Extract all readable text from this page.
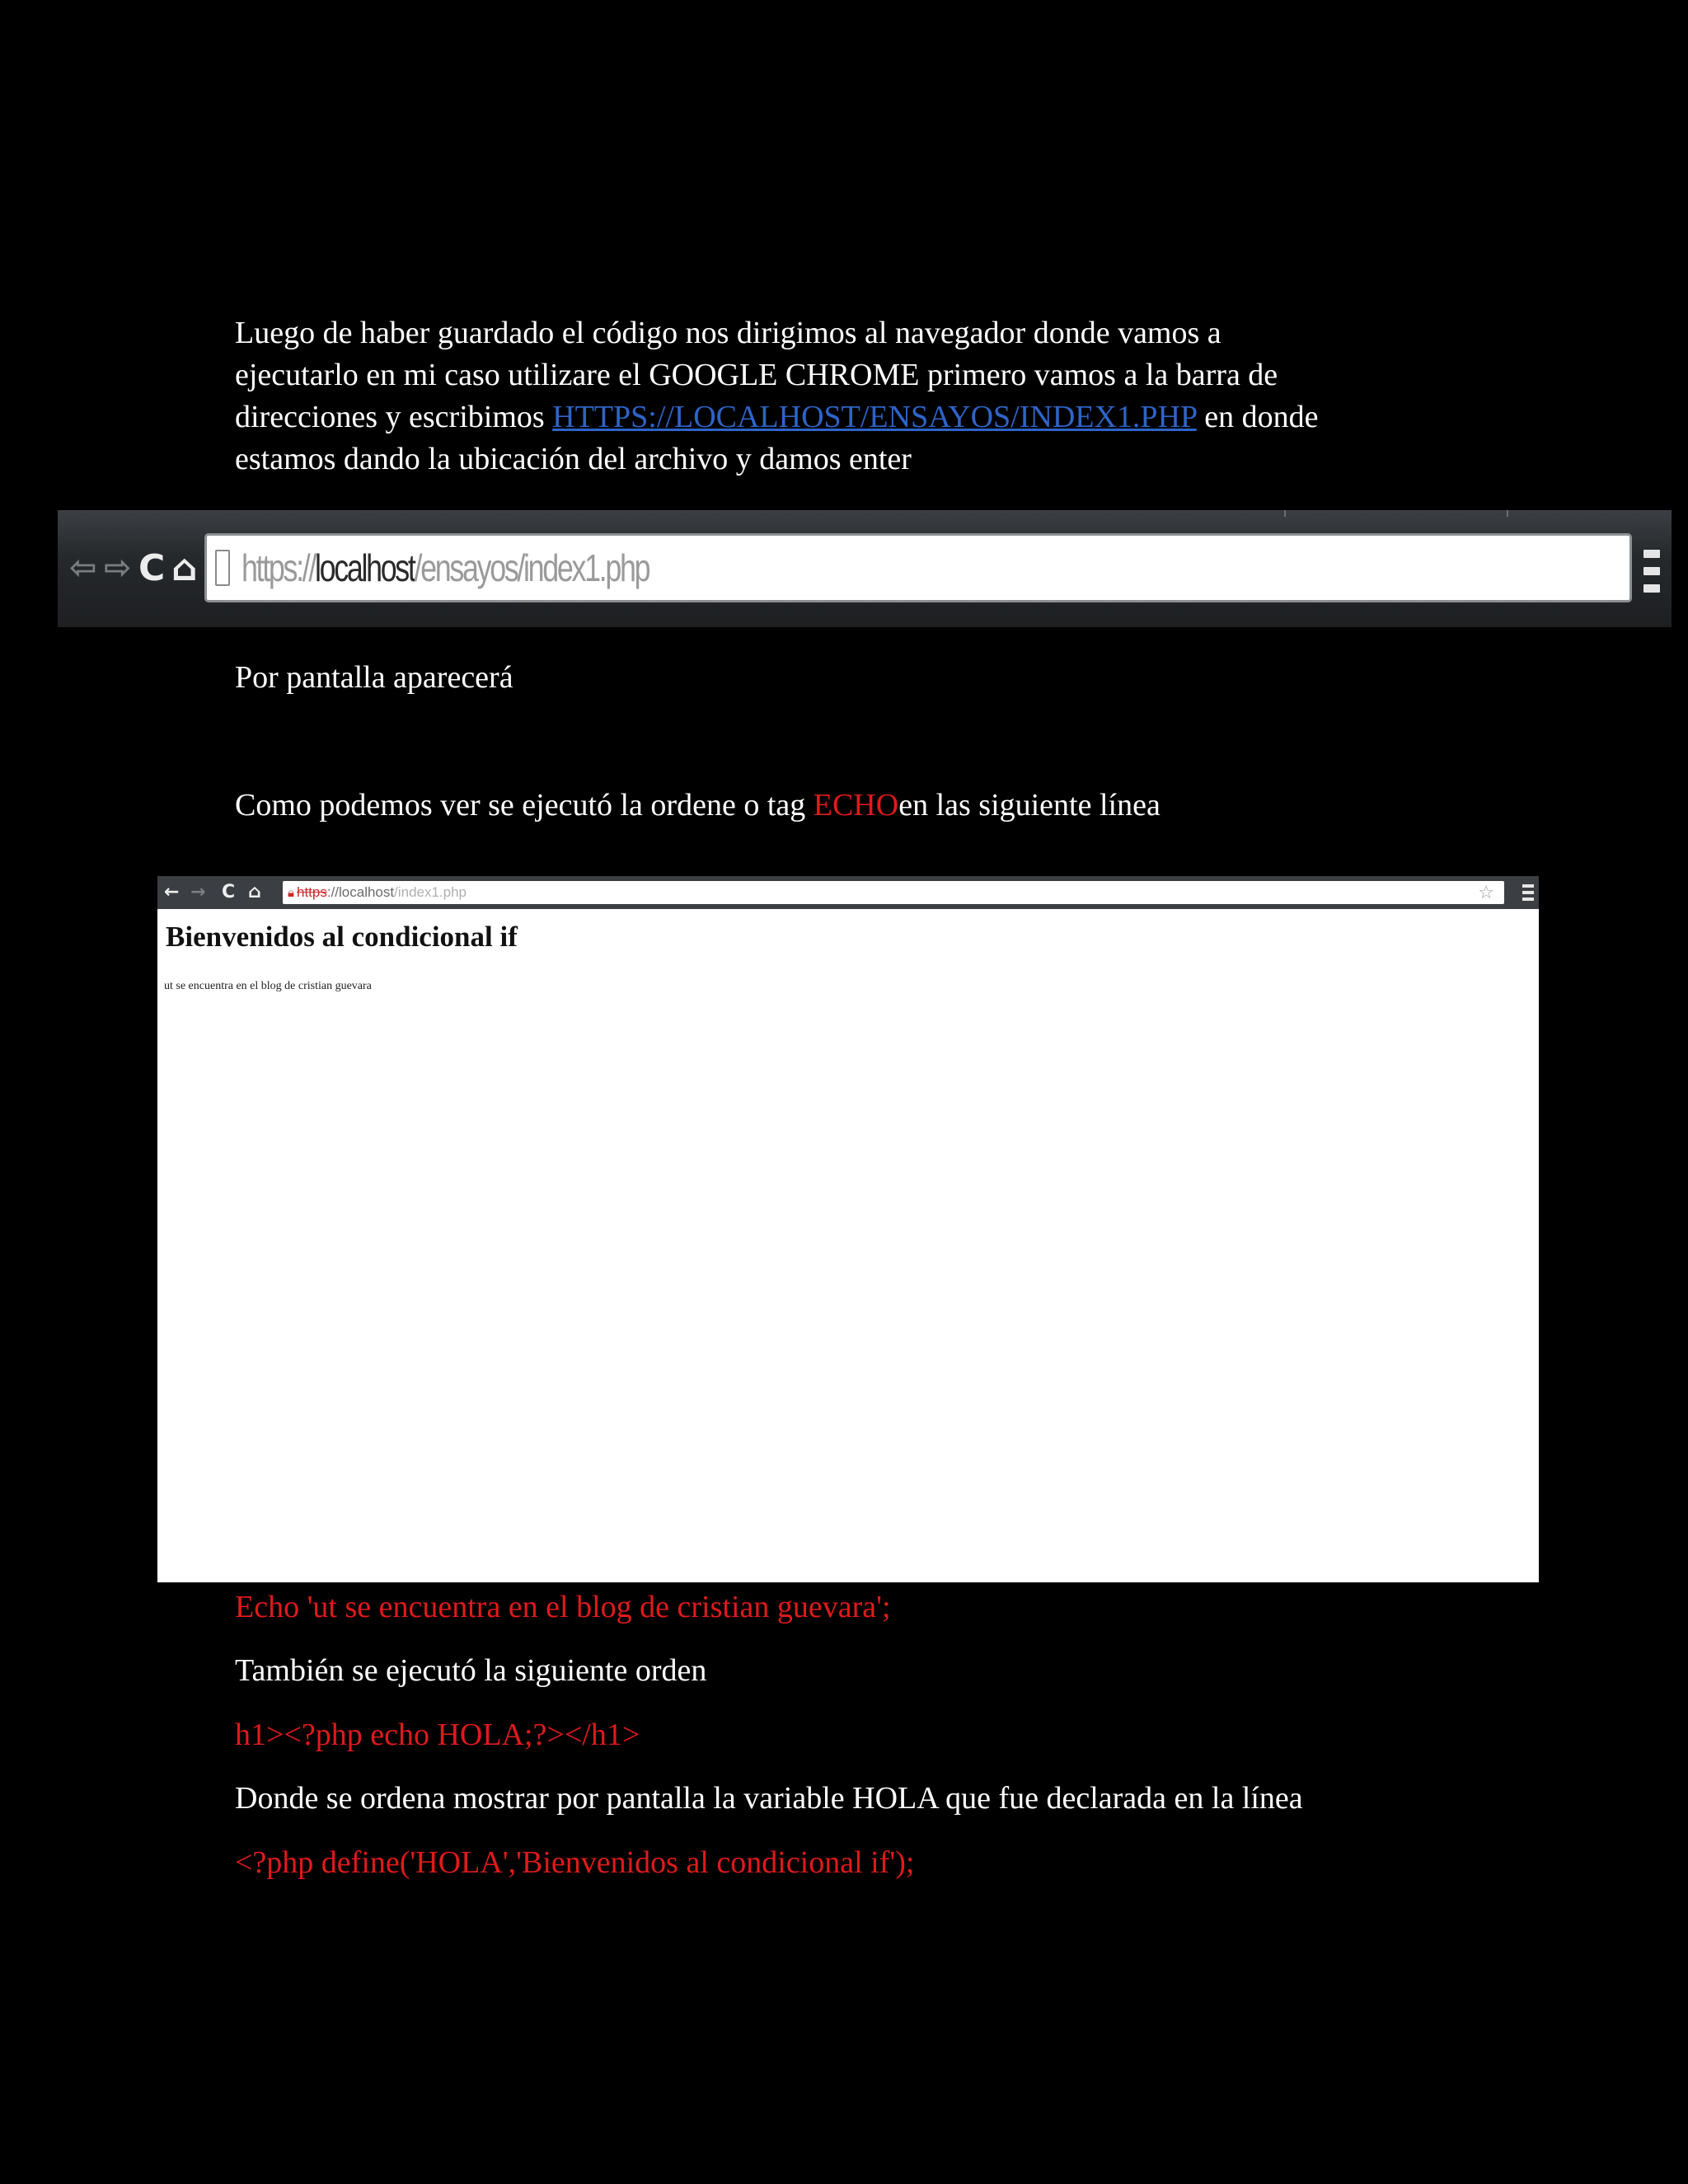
Luego de haber guardado el código nos dirigimos al navegador donde vamos a
ejecutarlo en mi caso utilizare el GOOGLE CHROME primero vamos a la barra de
direcciones y escribimos HTTPS://LOCALHOST/ENSAYOS/INDEX1.PHP en donde
estamos dando la ubicación del archivo y damos enter
⇦ ⇨ C ⌂ https://localhost/ensayos/index1.php

Por pantalla aparecerá

Como podemos ver se ejecutó la ordene o tag ECHOen las siguiente línea

← → C ⌂ 🔒︎ https ://localhost /index1.php	☆
Bienvenidos al condicional if
ut se encuentra en el blog de cristian guevara

Echo 'ut se encuentra en el blog de cristian guevara';

También se ejecutó la siguiente orden

h1><?php echo HOLA;?></h1>

Donde se ordena mostrar por pantalla la variable HOLA que fue declarada en la línea

<?php define('HOLA','Bienvenidos al condicional if');
